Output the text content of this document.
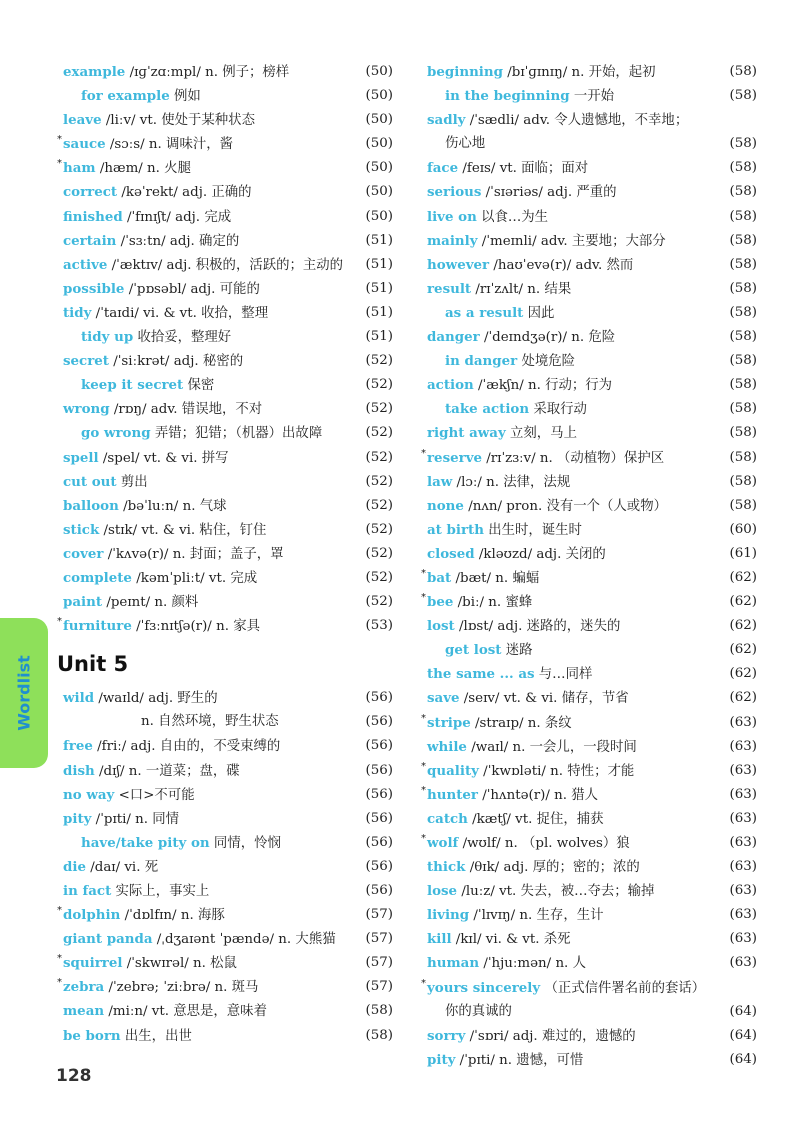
Wordlist
example /ɪɡˈzɑːmpl/ n. 例子；榜样	(50)
for example 例如	(50)
leave /liːv/ vt. 使处于某种状态	(50)
* sauce /sɔːs/ n. 调味汁，酱	(50)
* ham /hæm/ n. 火腿	(50)
correct /kəˈrekt/ adj. 正确的	(50)
finished /ˈfɪnɪʃt/ adj. 完成	(50)
certain /ˈsɜːtn/ adj. 确定的	(51)
active /ˈæktɪv/ adj. 积极的，活跃的；主动的 (51)
possible /ˈpɒsəbl/ adj. 可能的	(51)
tidy /ˈtaɪdi/ vi. & vt. 收拾，整理	(51)
tidy up 收拾妥，整理好	(51)
secret /ˈsiːkrət/ adj. 秘密的	(52)
keep it secret 保密	(52)
wrong /rɒŋ/ adv. 错误地，不对	(52)
go wrong 弄错；犯错；（机器）出故障	(52)
spell /spel/ vt. & vi. 拼写	(52)
cut out 剪出	(52)
balloon /bəˈluːn/ n. 气球	(52)
stick /stɪk/ vt. & vi. 粘住，钉住	(52)
cover /ˈkʌvə(r)/ n. 封面；盖子，罩	(52)
complete /kəmˈpliːt/ vt. 完成	(52)
paint /peɪnt/ n. 颜料	(52)
* furniture /ˈfɜːnɪtʃə(r)/ n. 家具	(53)
Unit 5
wild /waɪld/ adj. 野生的	(56)
n. 自然环境，野生状态	(56)
free /friː/ adj. 自由的，不受束缚的	(56)
dish /dɪʃ/ n. 一道菜；盘，碟	(56)
no way <口>不可能	(56)
pity /ˈpɪti/ n. 同情	(56)
have/take pity on 同情，怜悯	(56)
die /daɪ/ vi. 死	(56)
in fact 实际上，事实上	(56)
* dolphin /ˈdɒlfɪn/ n. 海豚	(57)
giant panda /ˌdʒaɪənt ˈpændə/ n. 大熊猫 (57)
* squirrel /ˈskwɪrəl/ n. 松鼠	(57)
* zebra /ˈzebrə; ˈziːbrə/ n. 斑马	(57)
mean /miːn/ vt. 意思是，意味着	(58)
be born 出生，出世	(58)
beginning /bɪˈɡɪnɪŋ/ n. 开始，起初	(58)
in the beginning 一开始	(58)
sadly /ˈsædli/ adv. 令人遗憾地，不幸地；
伤心地	(58)
face /feɪs/ vt. 面临；面对	(58)
serious /ˈsɪəriəs/ adj. 严重的	(58)
live on 以食…为生	(58)
mainly /ˈmeɪnli/ adv. 主要地；大部分	(58)
however /haʊˈevə(r)/ adv. 然而	(58)
result /rɪˈzʌlt/ n. 结果	(58)
as a result 因此	(58)
danger /ˈdeɪndʒə(r)/ n. 危险	(58)
in danger 处境危险	(58)
action /ˈækʃn/ n. 行动；行为	(58)
take action 采取行动	(58)
right away 立刻，马上	(58)
* reserve /rɪˈzɜːv/ n. （动植物）保护区	(58)
law /lɔː/ n. 法律，法规	(58)
none /nʌn/ pron. 没有一个（人或物）	(58)
at birth 出生时，诞生时	(60)
closed /kləʊzd/ adj. 关闭的	(61)
* bat /bæt/ n. 蝙蝠	(62)
* bee /biː/ n. 蜜蜂	(62)
lost /lɒst/ adj. 迷路的，迷失的	(62)
get lost 迷路	(62)
the same ... as 与…同样	(62)
save /seɪv/ vt. & vi. 储存，节省	(62)
* stripe /straɪp/ n. 条纹	(63)
while /waɪl/ n. 一会儿，一段时间	(63)
* quality /ˈkwɒləti/ n. 特性；才能	(63)
* hunter /ˈhʌntə(r)/ n. 猎人	(63)
catch /kætʃ/ vt. 捉住，捕获	(63)
* wolf /wʊlf/ n. （pl. wolves）狼	(63)
thick /θɪk/ adj. 厚的；密的；浓的	(63)
lose /luːz/ vt. 失去，被…夺去；输掉	(63)
living /ˈlɪvɪŋ/ n. 生存，生计	(63)
kill /kɪl/ vi. & vt. 杀死	(63)
human /ˈhjuːmən/ n. 人	(63)
* yours sincerely （正式信件署名前的套话）
你的真诚的	(64)
sorry /ˈsɒri/ adj. 难过的，遗憾的	(64)
pity /ˈpɪti/ n. 遗憾，可惜	(64)
128
